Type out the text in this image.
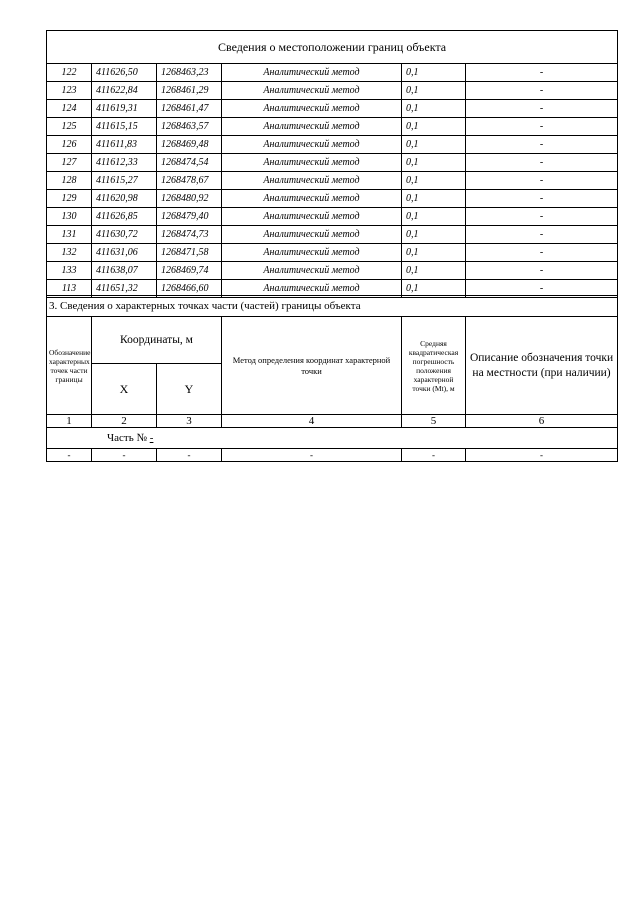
Сведения о местоположении границ объекта					
122	411626,50	1268463,23	Аналитический метод	0,1	-
123	411622,84	1268461,29	Аналитический метод	0,1	-
124	411619,31	1268461,47	Аналитический метод	0,1	-
125	411615,15	1268463,57	Аналитический метод	0,1	-
126	411611,83	1268469,48	Аналитический метод	0,1	-
127	411612,33	1268474,54	Аналитический метод	0,1	-
128	411615,27	1268478,67	Аналитический метод	0,1	-
129	411620,98	1268480,92	Аналитический метод	0,1	-
130	411626,85	1268479,40	Аналитический метод	0,1	-
131	411630,72	1268474,73	Аналитический метод	0,1	-
132	411631,06	1268471,58	Аналитический метод	0,1	-
133	411638,07	1268469,74	Аналитический метод	0,1	-
113	411651,32	1268466,60	Аналитический метод	0,1	-
3. Сведения о характерных точках части (частей) границы объекта					
Обозначение характерных точек части границы	Координаты, м		Метод определения координат характерной точки	Средняя квадратическая погрешность положения характерной точки (Mt), м	Описание обозначения точки на местности (при наличии)
	X	Y			
1	2	3	4	5	6
Часть № -					
-	-	-	-	-	-
